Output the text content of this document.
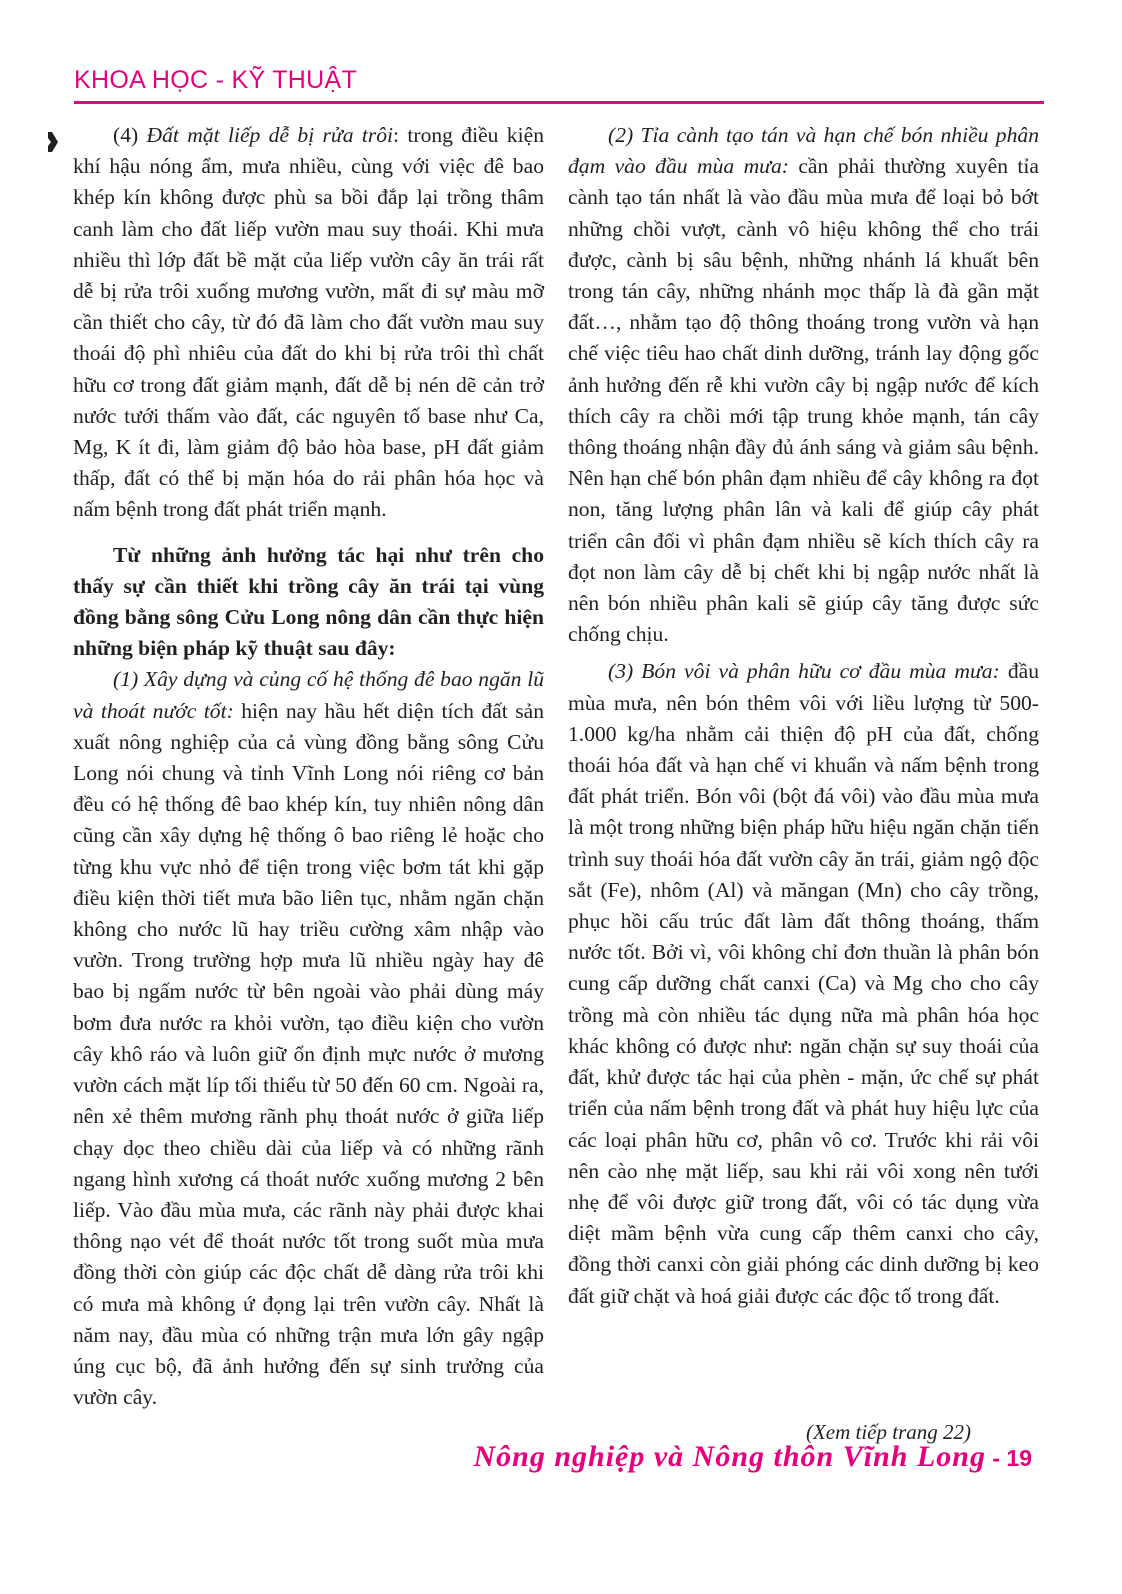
KHOA HỌC - KỸ THUẬT

(4) Đất mặt liếp dễ bị rửa trôi: trong điều kiện khí hậu nóng ẩm, mưa nhiều, cùng với việc đê bao khép kín không được phù sa bồi đắp lại trồng thâm canh làm cho đất liếp vườn mau suy thoái. Khi mưa nhiều thì lớp đất bề mặt của liếp vườn cây ăn trái rất dễ bị rửa trôi xuống mương vườn, mất đi sự màu mỡ cần thiết cho cây, từ đó đã làm cho đất vườn mau suy thoái độ phì nhiêu của đất do khi bị rửa trôi thì chất hữu cơ trong đất giảm mạnh, đất dễ bị nén dẽ cản trở nước tưới thấm vào đất, các nguyên tố base như Ca, Mg, K ít đi, làm giảm độ bảo hòa base, pH đất giảm thấp, đất có thể bị mặn hóa do rải phân hóa học và nấm bệnh trong đất phát triển mạnh.

Từ những ảnh hưởng tác hại như trên cho thấy sự cần thiết khi trồng cây ăn trái tại vùng đồng bằng sông Cửu Long nông dân cần thực hiện những biện pháp kỹ thuật sau đây:

(1) Xây dựng và củng cố hệ thống đê bao ngăn lũ và thoát nước tốt: hiện nay hầu hết diện tích đất sản xuất nông nghiệp của cả vùng đồng bằng sông Cửu Long nói chung và tỉnh Vĩnh Long nói riêng cơ bản đều có hệ thống đê bao khép kín, tuy nhiên nông dân cũng cần xây dựng hệ thống ô bao riêng lẻ hoặc cho từng khu vực nhỏ để tiện trong việc bơm tát khi gặp điều kiện thời tiết mưa bão liên tục, nhằm ngăn chặn không cho nước lũ hay triều cường xâm nhập vào vườn. Trong trường hợp mưa lũ nhiều ngày hay đê bao bị ngấm nước từ bên ngoài vào phải dùng máy bơm đưa nước ra khỏi vườn, tạo điều kiện cho vườn cây khô ráo và luôn giữ ổn định mực nước ở mương vườn cách mặt líp tối thiểu từ 50 đến 60 cm. Ngoài ra, nên xẻ thêm mương rãnh phụ thoát nước ở giữa liếp chạy dọc theo chiều dài của liếp và có những rãnh ngang hình xương cá thoát nước xuống mương 2 bên liếp. Vào đầu mùa mưa, các rãnh này phải được khai thông nạo vét để thoát nước tốt trong suốt mùa mưa đồng thời còn giúp các độc chất dễ dàng rửa trôi khi có mưa mà không ứ đọng lại trên vườn cây. Nhất là năm nay, đầu mùa có những trận mưa lớn gây ngập úng cục bộ, đã ảnh hưởng đến sự sinh trưởng của vườn cây.

(2) Tỉa cành tạo tán và hạn chế bón nhiều phân đạm vào đầu mùa mưa: cần phải thường xuyên tỉa cành tạo tán nhất là vào đầu mùa mưa để loại bỏ bớt những chồi vượt, cành vô hiệu không thể cho trái được, cành bị sâu bệnh, những nhánh lá khuất bên trong tán cây, những nhánh mọc thấp là đà gần mặt đất…, nhằm tạo độ thông thoáng trong vườn và hạn chế việc tiêu hao chất dinh dưỡng, tránh lay động gốc ảnh hưởng đến rễ khi vườn cây bị ngập nước để kích thích cây ra chồi mới tập trung khỏe mạnh, tán cây thông thoáng nhận đầy đủ ánh sáng và giảm sâu bệnh. Nên hạn chế bón phân đạm nhiều để cây không ra đọt non, tăng lượng phân lân và kali để giúp cây phát triển cân đối vì phân đạm nhiều sẽ kích thích cây ra đọt non làm cây dễ bị chết khi bị ngập nước nhất là nên bón nhiều phân kali sẽ giúp cây tăng được sức chống chịu.

(3) Bón vôi và phân hữu cơ đầu mùa mưa: đầu mùa mưa, nên bón thêm vôi với liều lượng từ 500-1.000 kg/ha nhằm cải thiện độ pH của đất, chống thoái hóa đất và hạn chế vi khuẩn và nấm bệnh trong đất phát triển. Bón vôi (bột đá vôi) vào đầu mùa mưa là một trong những biện pháp hữu hiệu ngăn chặn tiến trình suy thoái hóa đất vườn cây ăn trái, giảm ngộ độc sắt (Fe), nhôm (Al) và măngan (Mn) cho cây trồng, phục hồi cấu trúc đất làm đất thông thoáng, thấm nước tốt. Bởi vì, vôi không chỉ đơn thuần là phân bón cung cấp dưỡng chất canxi (Ca) và Mg cho cho cây trồng mà còn nhiều tác dụng nữa mà phân hóa học khác không có được như: ngăn chặn sự suy thoái của đất, khử được tác hại của phèn - mặn, ức chế sự phát triển của nấm bệnh trong đất và phát huy hiệu lực của các loại phân hữu cơ, phân vô cơ. Trước khi rải vôi nên cào nhẹ mặt liếp, sau khi rải vôi xong nên tưới nhẹ để vôi được giữ trong đất, vôi có tác dụng vừa diệt mầm bệnh vừa cung cấp thêm canxi cho cây, đồng thời canxi còn giải phóng các dinh dưỡng bị keo đất giữ chặt và hoá giải được các độc tố trong đất.

(Xem tiếp trang 22)
Nông nghiệp và Nông thôn Vĩnh Long - 19
